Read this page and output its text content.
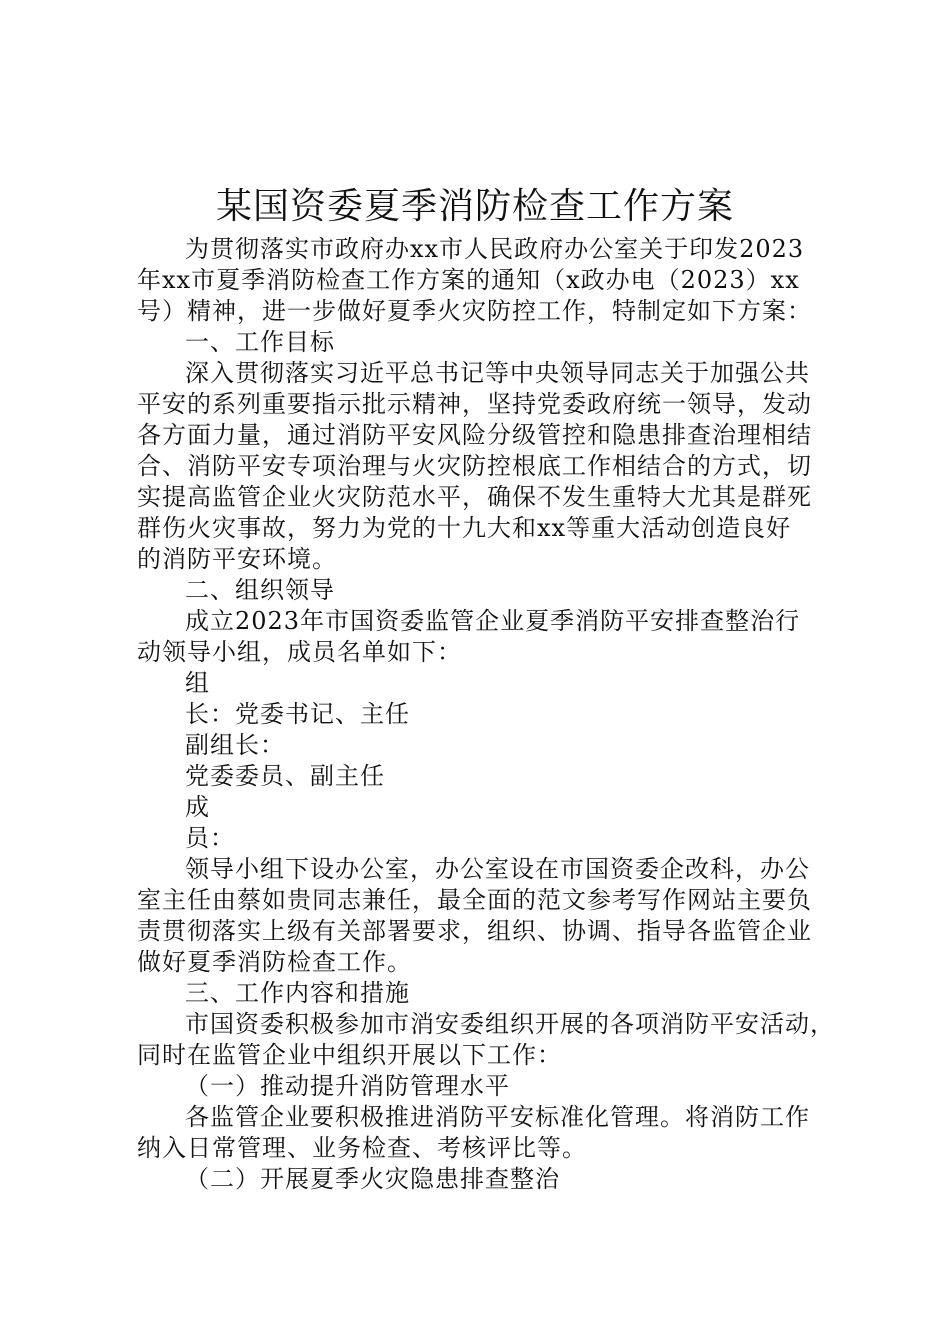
某国资委夏季消防检查工作方案
为贯彻落实市政府办xx市人民政府办公室关于印发2023
年xx市夏季消防检查工作方案的通知（x政办电（2023）xx
号）精神，进一步做好夏季火灾防控工作，特制定如下方案：
一、工作目标
深入贯彻落实习近平总书记等中央领导同志关于加强公共
平安的系列重要指示批示精神，坚持党委政府统一领导，发动
各方面力量，通过消防平安风险分级管控和隐患排查治理相结
合、消防平安专项治理与火灾防控根底工作相结合的方式，切
实提高监管企业火灾防范水平，确保不发生重特大尤其是群死
群伤火灾事故，努力为党的十九大和xx等重大活动创造良好
的消防平安环境。
二、组织领导
成立2023年市国资委监管企业夏季消防平安排查整治行
动领导小组，成员名单如下：
组
长：党委书记、主任
副组长：
党委委员、副主任
成
员：
领导小组下设办公室，办公室设在市国资委企改科，办公
室主任由蔡如贵同志兼任，最全面的范文参考写作网站主要负
责贯彻落实上级有关部署要求，组织、协调、指导各监管企业
做好夏季消防检查工作。
三、工作内容和措施
市国资委积极参加市消安委组织开展的各项消防平安活动，
同时在监管企业中组织开展以下工作：
（一）推动提升消防管理水平
各监管企业要积极推进消防平安标准化管理。将消防工作
纳入日常管理、业务检查、考核评比等。
（二）开展夏季火灾隐患排查整治
